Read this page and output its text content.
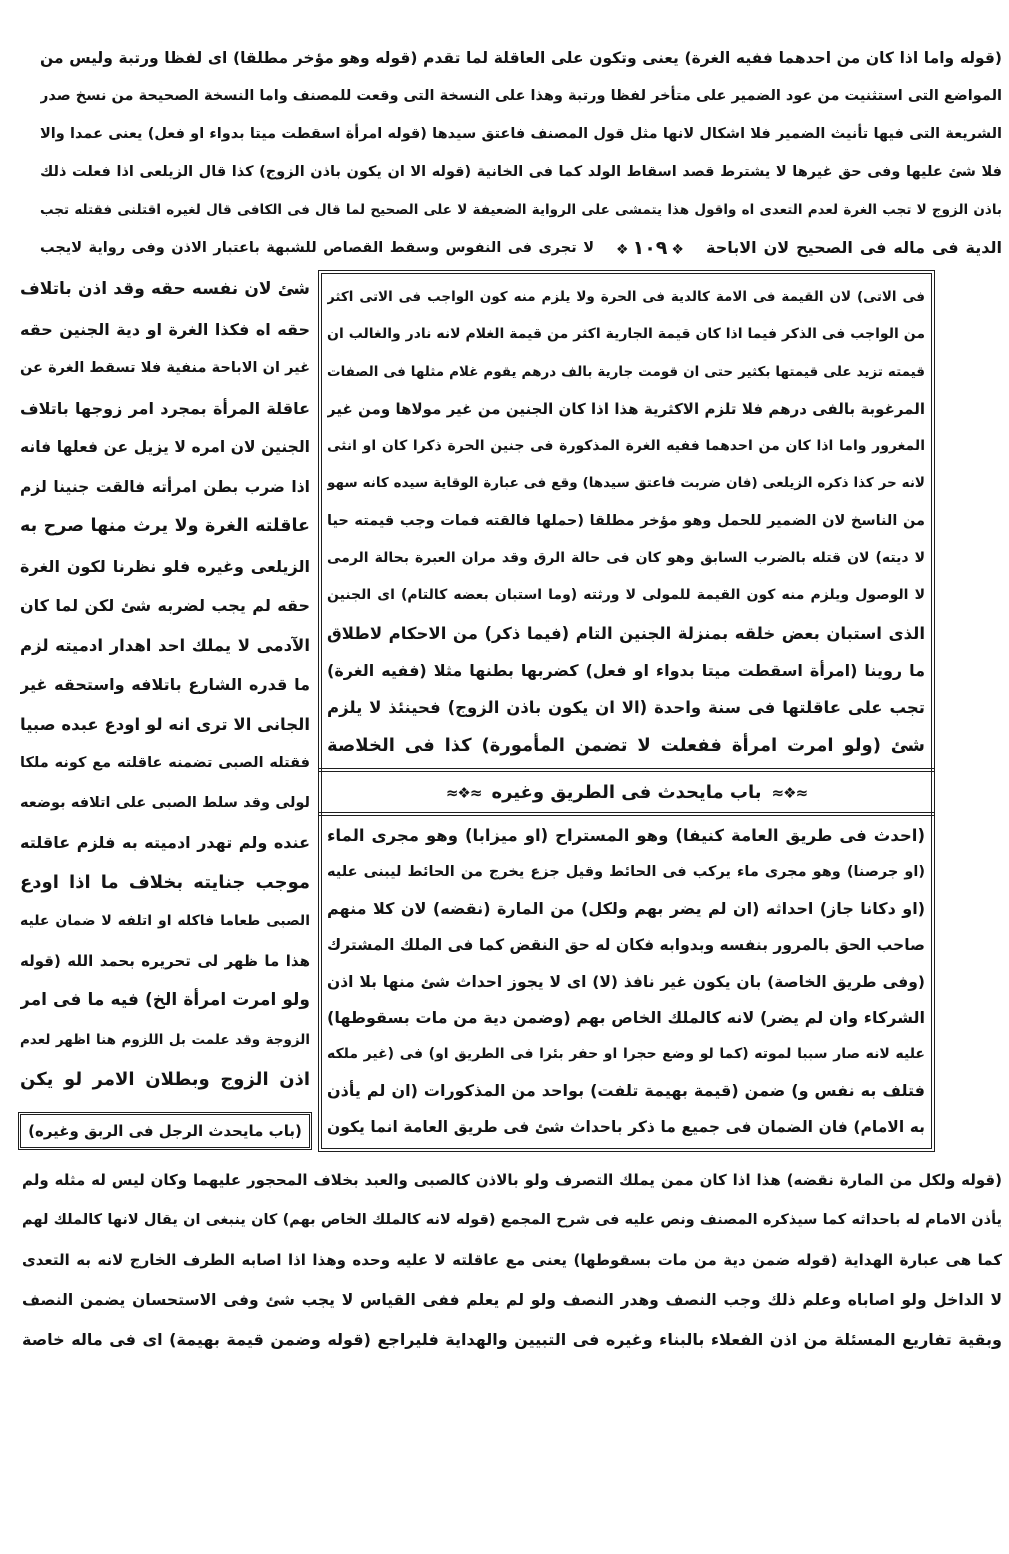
(قوله واما اذا كان من احدهما ففيه الغرة) يعنى وتكون على العاقلة لما تقدم (قوله وهو مؤخر مطلقا) اى لفظا ورتبة وليس من
المواضع التى استثنيت من عود الضمير على متأخر لفظا ورتبة وهذا على النسخة التى وقعت للمصنف واما النسخة الصحيحة من نسخ صدر
الشريعة التى فيها تأنيث الضمير فلا اشكال لانها مثل قول المصنف فاعتق سيدها (قوله امرأة اسقطت ميتا بدواء او فعل) يعنى عمدا والا
فلا شئ عليها وفى حق غيرها لا يشترط قصد اسقاط الولد كما فى الخانية (قوله الا ان يكون باذن الزوج) كذا قال الزيلعى اذا فعلت ذلك
باذن الزوج لا تجب الغرة لعدم التعدى اه واقول هذا يتمشى على الرواية الضعيفة لا على الصحيح لما قال فى الكافى قال لغيره اقتلنى فقتله تجب
الدية فى ماله فى الصحيح لان الاباحة
❖ ١٠٩❖
لا تجرى فى النفوس وسقط القصاص للشبهة باعتبار الاذن وفى رواية لايجب
فى الاتى) لان القيمة فى الامة كالدية فى الحرة ولا يلزم منه كون الواجب فى الاتى اكثر
من الواجب فى الذكر فيما اذا كان قيمة الجارية اكثر من قيمة الغلام لانه نادر والغالب ان
قيمته تزيد على قيمتها بكثير حتى ان قومت جارية بالف درهم يقوم غلام مثلها فى الصفات
المرغوبة بالفى درهم فلا تلزم الاكثرية هذا اذا كان الجنين من غير مولاها ومن غير
المغرور واما اذا كان من احدهما ففيه الغرة المذكورة فى جنين الحرة ذكرا كان او انثى
لانه حر كذا ذكره الزيلعى (فان ضربت فاعتق سيدها) وقع فى عبارة الوقاية سيده كانه سهو
من الناسخ لان الضمير للحمل وهو مؤخر مطلقا (حملها فالقته فمات وجب قيمته حيا
لا ديته) لان قتله بالضرب السابق وهو كان فى حالة الرق وقد مران العبرة بحالة الرمى
لا الوصول ويلزم منه كون القيمة للمولى لا ورثته (وما استبان بعضه كالتام) اى الجنين
الذى استبان بعض خلقه بمنزلة الجنين التام (فيما ذكر) من الاحكام لاطلاق
ما روينا (امرأة اسقطت ميتا بدواء او فعل) كضربها بطنها مثلا (ففيه الغرة)
تجب على عاقلتها فى سنة واحدة (الا ان يكون باذن الزوج) فحينئذ لا يلزم
شئ (ولو امرت امرأة ففعلت لا تضمن المأمورة) كذا فى الخلاصة
≈❖≈
باب مايحدث فى الطريق وغيره
≈❖≈
(احدث فى طريق العامة كنيفا) وهو المستراح (او ميزابا) وهو مجرى الماء
(او جرصنا) وهو مجرى ماء يركب فى الحائط وقيل جزع يخرج من الحائط ليبنى عليه
(او دكانا جاز) احداثه (ان لم يضر بهم ولكل) من المارة (نقضه) لان كلا منهم
صاحب الحق بالمرور بنفسه وبدوابه فكان له حق النقض كما فى الملك المشترك
(وفى طريق الخاصة) بان يكون غير نافذ (لا) اى لا يجوز احداث شئ منها بلا اذن
الشركاء وان لم يضر) لانه كالملك الخاص بهم (وضمن دية من مات بسقوطها)
عليه لانه صار سببا لموته (كما لو وضع حجرا او حفر بئرا فى الطريق او) فى (غير ملكه
فتلف به نفس و) ضمن (قيمة بهيمة تلفت) بواحد من المذكورات (ان لم يأذن
به الامام) فان الضمان فى جميع ما ذكر باحداث شئ فى طريق العامة انما يكون
شئ لان نفسه حقه وقد اذن باتلاف
حقه اه فكذا الغرة او دية الجنين حقه
غير ان الاباحة منفية فلا تسقط الغرة عن
عاقلة المرأة بمجرد امر زوجها باتلاف
الجنين لان امره لا يزيل عن فعلها فانه
اذا ضرب بطن امرأته فالقت جنينا لزم
عاقلته الغرة ولا يرث منها صرح به
الزيلعى وغيره فلو نظرنا لكون الغرة
حقه لم يجب لضربه شئ لكن لما كان
الآدمى لا يملك احد اهدار ادميته لزم
ما قدره الشارع باتلافه واستحقه غير
الجانى الا ترى انه لو اودع عبده صبيا
فقتله الصبى تضمنه عاقلته مع كونه ملكا
لولى وقد سلط الصبى على اتلافه بوضعه
عنده ولم تهدر ادميته به فلزم عاقلته
موجب جنايته بخلاف ما اذا اودع
الصبى طعاما فاكله او اتلفه لا ضمان عليه
هذا ما ظهر لى تحريره بحمد الله (قوله
ولو امرت امرأة الخ) فيه ما فى امر
الزوجة وقد علمت بل اللزوم هنا اظهر لعدم
اذن الزوج وبطلان الامر لو يكن
(باب مايحدث الرجل فى الربق وغيره)
(قوله ولكل من المارة نقضه) هذا اذا كان ممن يملك التصرف ولو بالاذن كالصبى والعبد بخلاف المحجور عليهما وكان ليس له مثله ولم
يأذن الامام له باحداثه كما سيذكره المصنف ونص عليه فى شرح المجمع (قوله لانه كالملك الخاص بهم) كان ينبغى ان يقال لانها كالملك لهم
كما هى عبارة الهداية (قوله ضمن دية من مات بسقوطها) يعنى مع عاقلته لا عليه وحده وهذا اذا اصابه الطرف الخارج لانه به التعدى
لا الداخل ولو اصاباه وعلم ذلك وجب النصف وهدر النصف ولو لم يعلم ففى القياس لا يجب شئ وفى الاستحسان يضمن النصف
وبقية تفاريع المسئلة من اذن الفعلاء بالبناء وغيره فى التبيين والهداية فليراجع (قوله وضمن قيمة بهيمة) اى فى ماله خاصة
